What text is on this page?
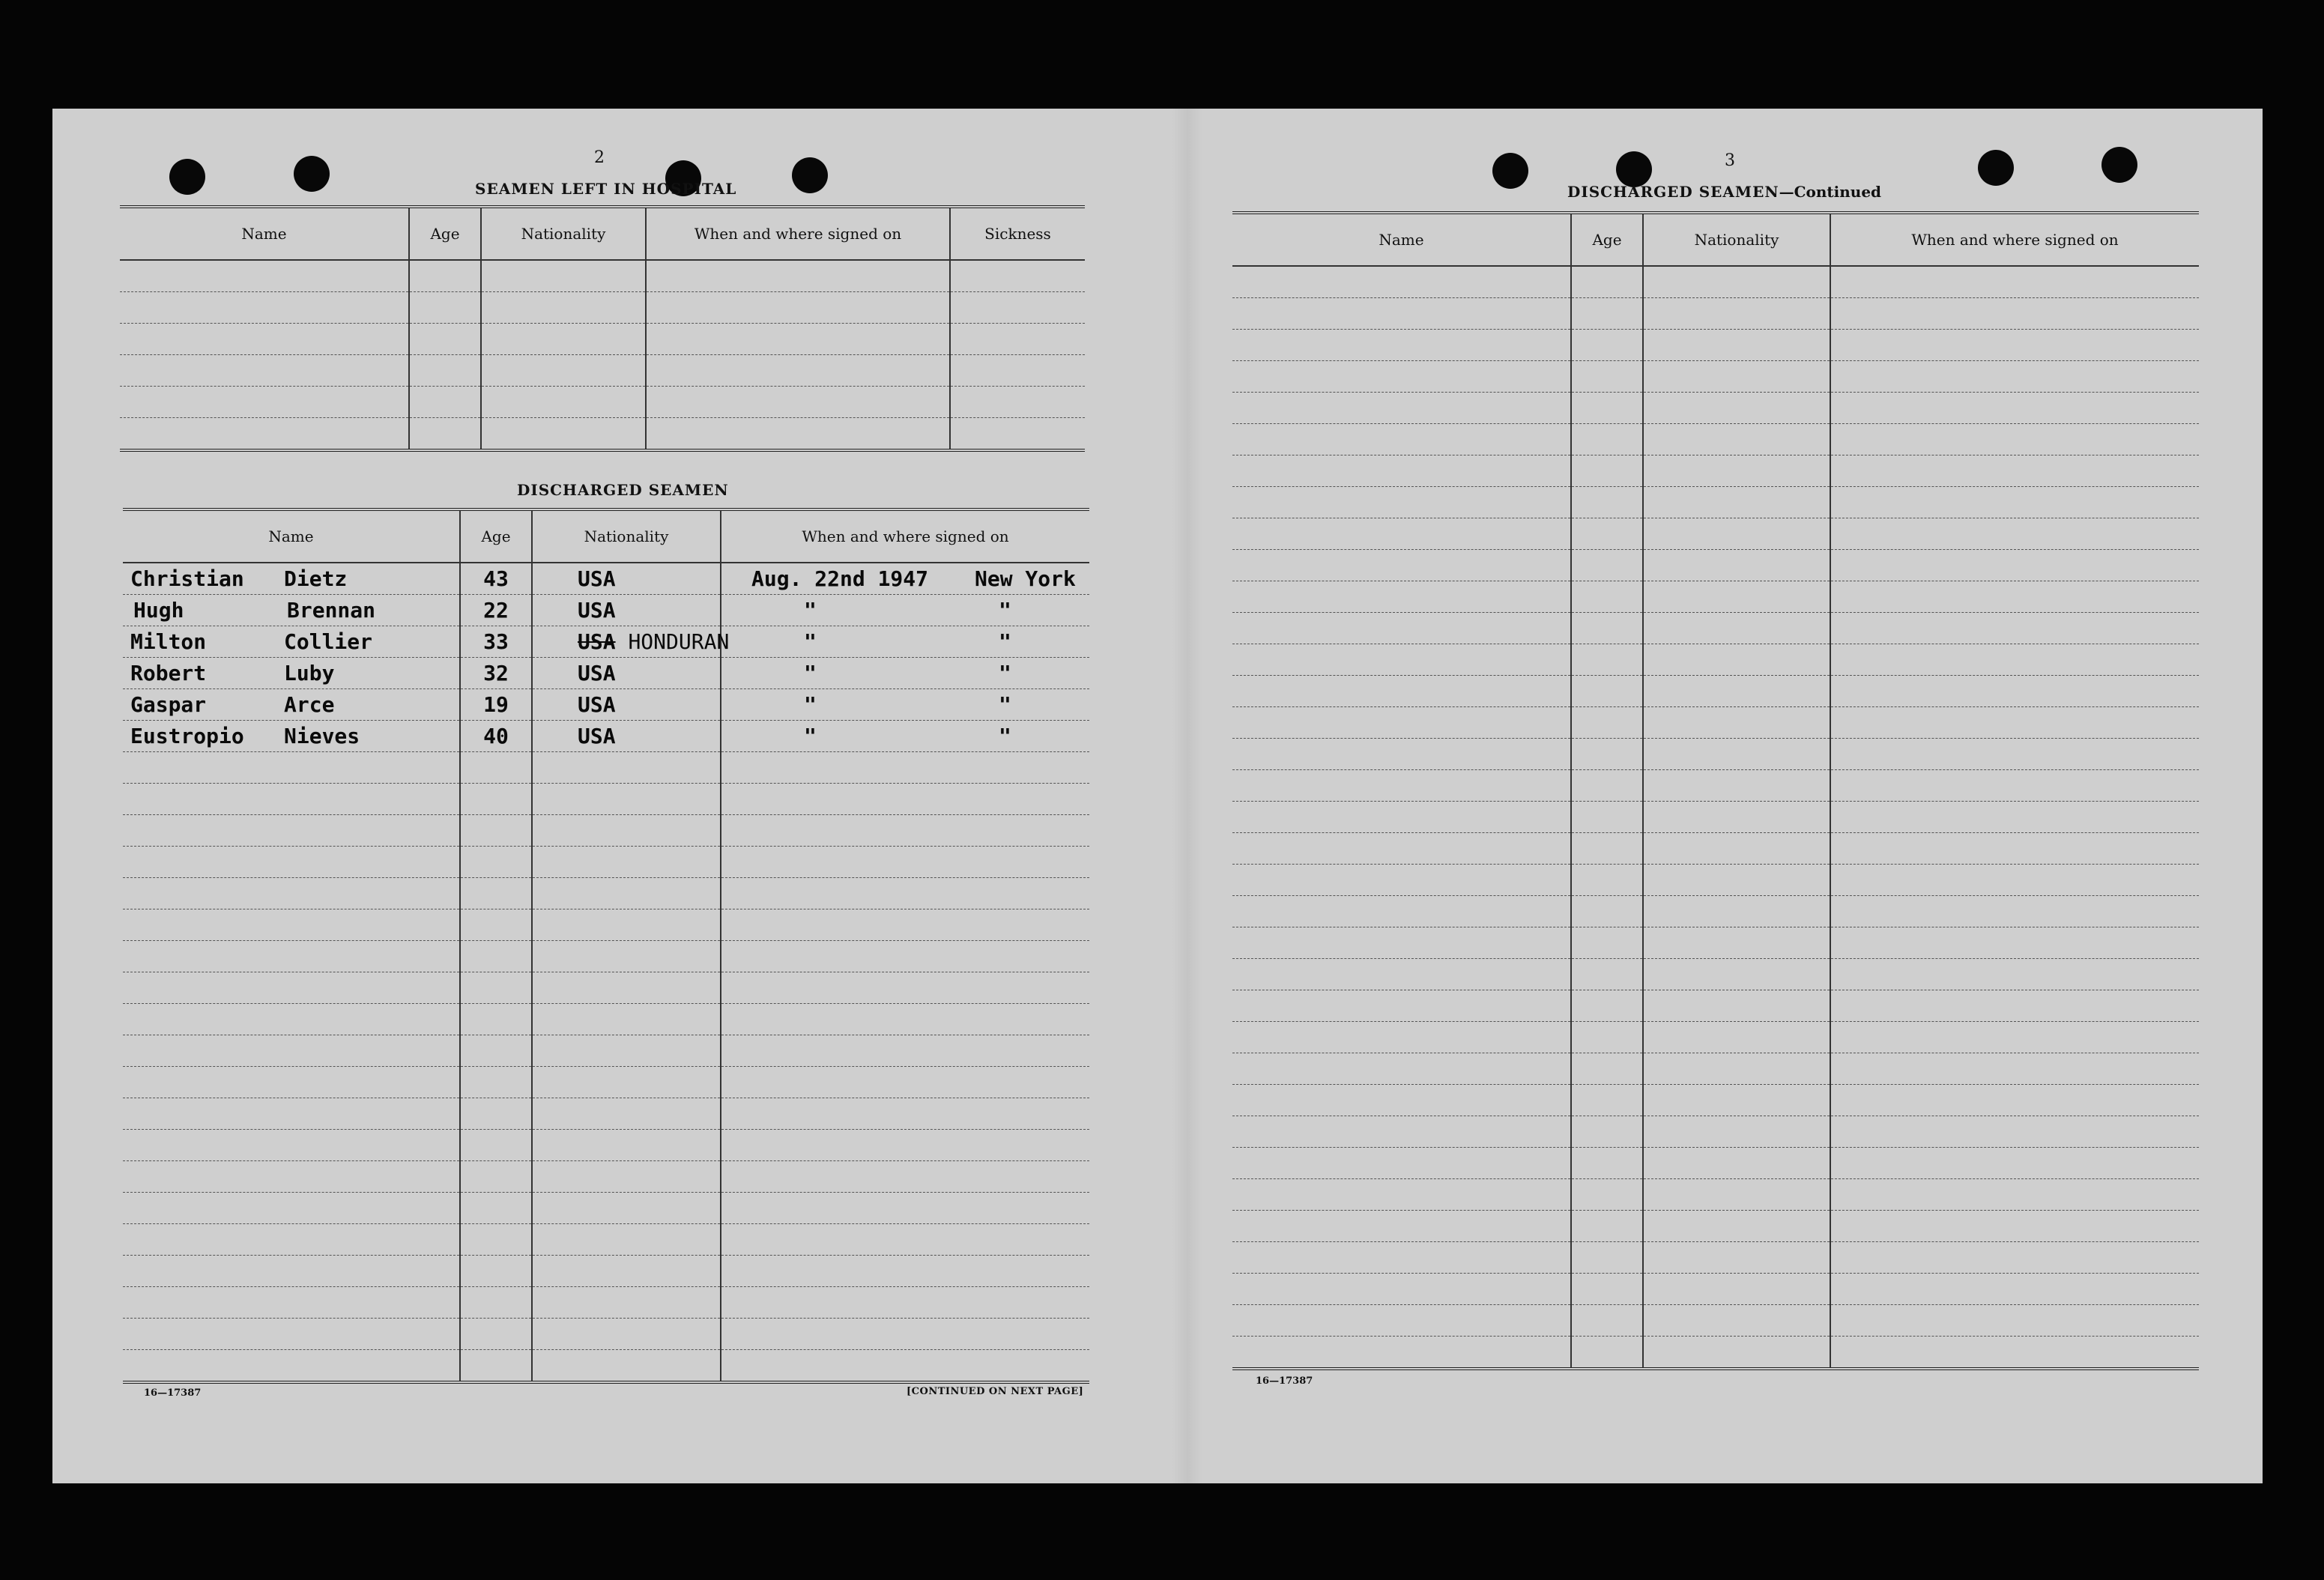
2
SEAMEN LEFT IN HOSPITAL
Name	Age	Nationality	When and where signed on	Sickness

DISCHARGED SEAMEN
Name	Age	Nationality	When and where signed on
Christian Dietz	43	USA	Aug. 22nd 1947 New York
Hugh Brennan	22	USA	" "
Milton Collier	33	USA HONDURAN	" "
Robert Luby	32	USA	" "
Gaspar Arce	19	USA	" "
Eustropio Nieves	40	USA	" "

16—17387	[CONTINUED ON NEXT PAGE]
3
DISCHARGED SEAMEN—Continued
Name	Age	Nationality	When and where signed on

16—17387
